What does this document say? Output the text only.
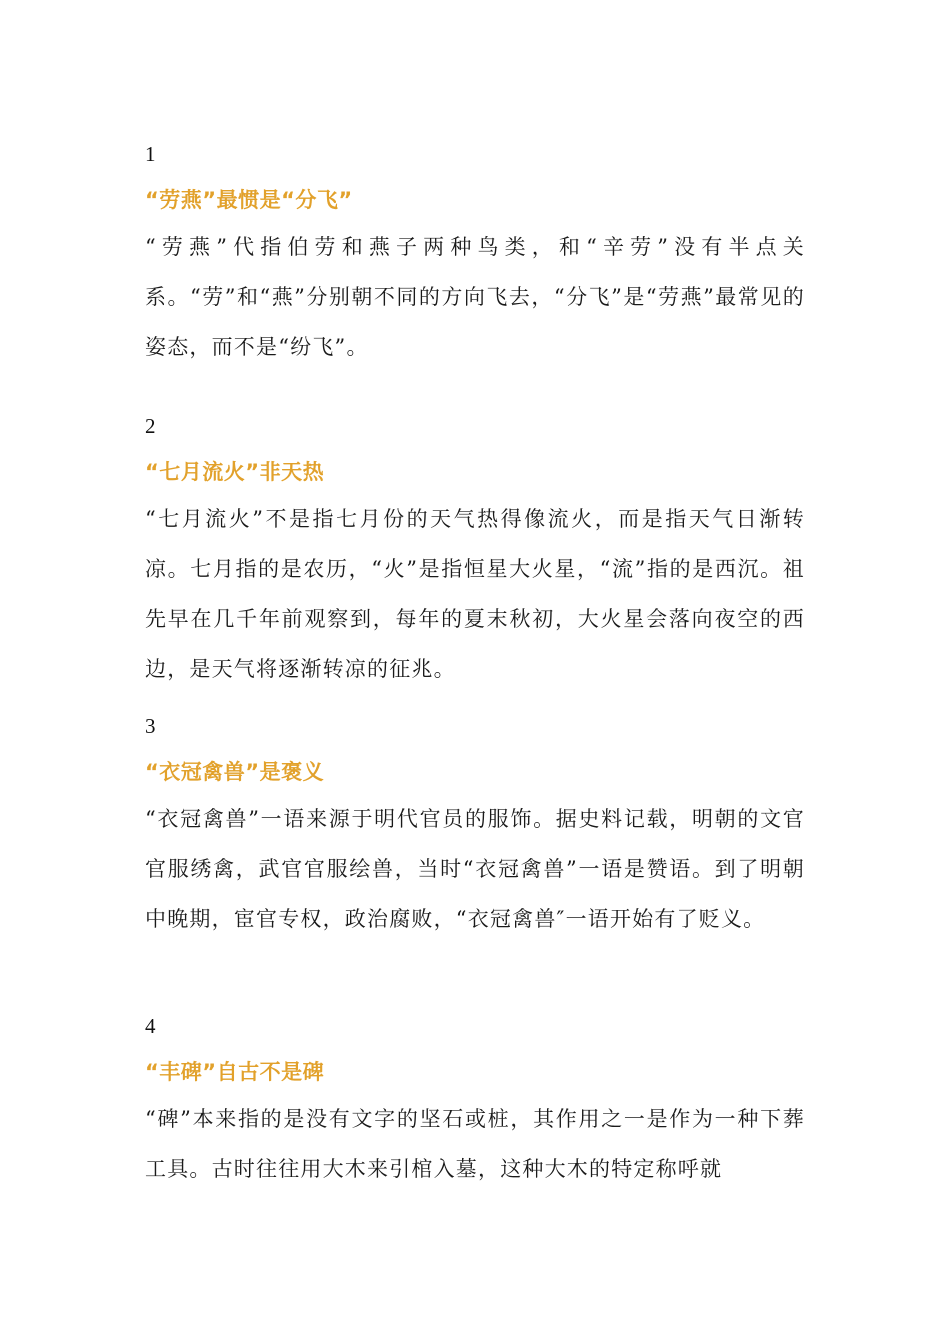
1

“劳燕”最惯是“分飞”

“劳燕”代指伯劳和燕子两种鸟类，和“辛劳”没有半点关系。“劳”和“燕”分别朝不同的方向飞去，“分飞”是“劳燕”最常见的姿态，而不是“纷飞”。

2

“七月流火”非天热

“七月流火”不是指七月份的天气热得像流火，而是指天气日渐转凉。七月指的是农历，“火”是指恒星大火星，“流”指的是西沉。祖先早在几千年前观察到，每年的夏末秋初，大火星会落向夜空的西边，是天气将逐渐转凉的征兆。

3

“衣冠禽兽”是褒义

“衣冠禽兽”一语来源于明代官员的服饰。据史料记载，明朝的文官官服绣禽，武官官服绘兽，当时“衣冠禽兽”一语是赞语。到了明朝中晚期，宦官专权，政治腐败，“衣冠禽兽″一语开始有了贬义。

4

“丰碑”自古不是碑

“碑”本来指的是没有文字的坚石或桩，其作用之一是作为一种下葬工具。古时往往用大木来引棺入墓，这种大木的特定称呼就
